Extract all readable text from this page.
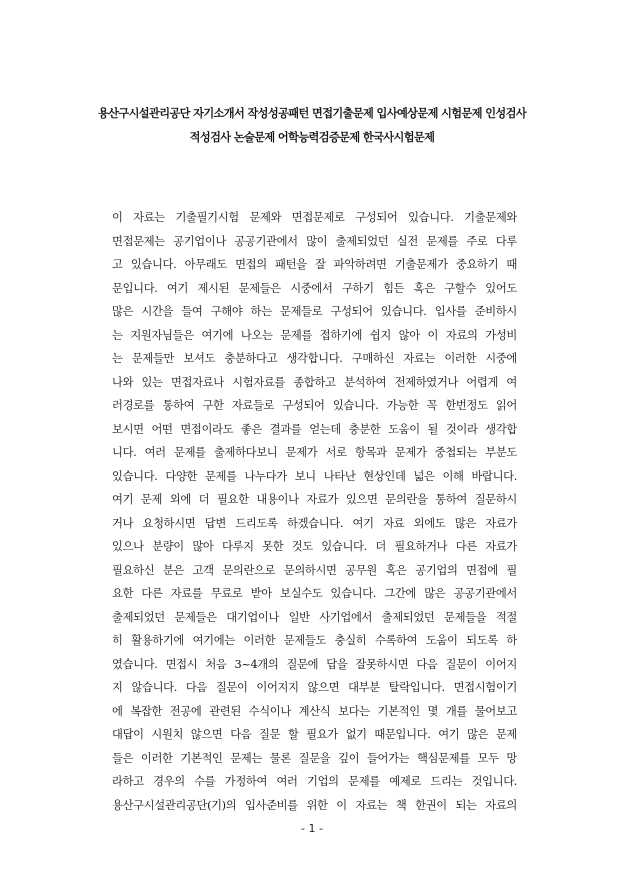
용산구시설관리공단 자기소개서 작성성공패턴 면접기출문제 입사예상문제 시험문제 인성검사
적성검사 논술문제 어학능력검증문제 한국사시험문제
이 자료는 기출필기시험 문제와 면접문제로 구성되어 있습니다. 기출문제와
면접문제는 공기업이나 공공기관에서 많이 출제되었던 실전 문제를 주로 다루
고 있습니다. 아무래도 면접의 패턴을 잘 파악하려면 기출문제가 중요하기 때
문입니다. 여기 제시된 문제들은 시중에서 구하기 힘든 혹은 구할수 있어도
많은 시간을 들여 구해야 하는 문제들로 구성되어 있습니다. 입사를 준비하시
는 지원자님들은 여기에 나오는 문제를 접하기에 쉽지 않아 이 자료의 가성비
는 문제들만 보셔도 충분하다고 생각합니다. 구매하신 자료는 이러한 시중에
나와 있는 면접자료나 시험자료를 종합하고 분석하여 전제하였거나 어렵게 여
러경로를 통하여 구한 자료들로 구성되어 있습니다. 가능한 꼭 한번정도 읽어
보시면 어떤 면접이라도 좋은 결과를 얻는데 충분한 도움이 될 것이라 생각합
니다. 여러 문제를 출제하다보니 문제가 서로 항목과 문제가 중첩되는 부분도
있습니다. 다양한 문제를 나누다가 보니 나타난 현상인데 넓은 이해 바랍니다.
여기 문제 외에 더 필요한 내용이나 자료가 있으면 문의란을 통하여 질문하시
거나 요청하시면 답변 드리도록 하겠습니다. 여기 자료 외에도 많은 자료가
있으나 분량이 많아 다루지 못한 것도 있습니다. 더 필요하거나 다른 자료가
필요하신 분은 고객 문의란으로 문의하시면 공무원 혹은 공기업의 면접에 필
요한 다른 자료를 무료로 받아 보실수도 있습니다. 그간에 많은 공공기관에서
출제되었던 문제들은 대기업이나 일반 사기업에서 출제되었던 문제들을 적절
히 활용하기에 여기에는 이러한 문제들도 충실히 수록하여 도움이 되도록 하
였습니다. 면접시 처음 3~4개의 질문에 답을 잘못하시면 다음 질문이 이어지
지 않습니다. 다음 질문이 이어지지 않으면 대부분 탈락입니다. 면접시험이기
에 복잡한 전공에 관련된 수식이나 계산식 보다는 기본적인 몇 개를 물어보고
대답이 시원치 않으면 다음 질문 할 필요가 없기 때문입니다. 여기 많은 문제
들은 이러한 기본적인 문제는 물론 질문을 깊이 들어가는 핵심문제를 모두 망
라하고 경우의 수를 가정하여 여러 기업의 문제를 예제로 드리는 것입니다.
용산구시설관리공단(기)의 입사준비를 위한 이 자료는 책 한권이 되는 자료의
- 1 -
